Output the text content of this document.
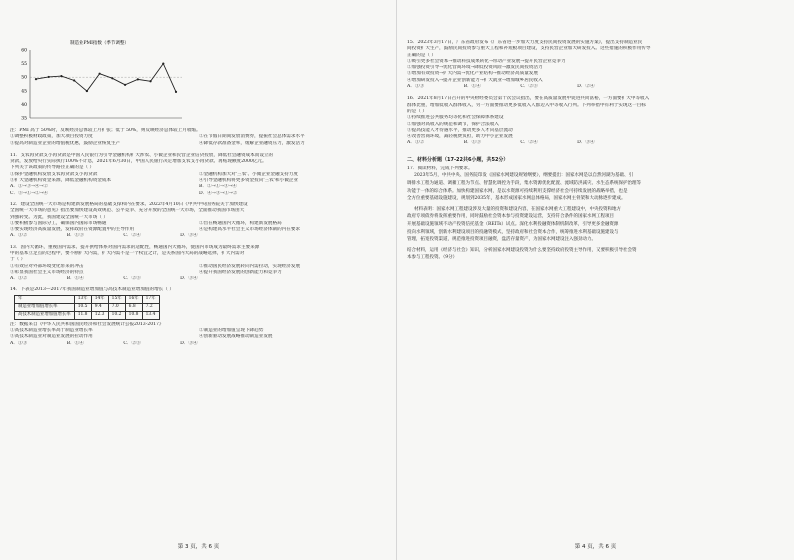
制造业PMI指数（季节调整）
60
55
50
45
40
35
注：PMI 高于 50%时，反映经济总体较上月扩张；低于 50%，则反映经济总体较上月收缩。
①调整积极财政政策，加大项目投资力度	②在节假日期间发放消费券，提振社会总体需求水平
③提高对制造业企业的增值税优惠，鼓励企业恢复生产	④降低存款准备金率，缓解企业融资压力，激发活力
11．支农再贷款支小再贷款是中国人民银行为引导金融机构扩大涉农、小微企业和民营企业信贷投放，降低社会融资成本而设立的
贷款，发放给央行实际执行100%不计息，2021年6月30日，中国人民银行决定增加支农支小再贷款、再贴现额度2000亿元。
下列关于该政策的传导路径正确的是（ ）
①保护金融机构发放支农再贷款支小再贷款	②金融机构加大对'三农'、小微企业金融支持力度
③扩大金融机构资金来源，降低金融机构资金成本	④引导金融机构将更多资金投向'三农'和小微企业
A．①→③→④→②	B．②→①→③→④
C．③→①→②→④	D．④→③→①→②
12．建设全国统一大市场是构建新发展格局的基础支撑和内在要求。2022年4月10日《中共中央国务院关于加快建设
全国统一大市场的意见》指出要加快建设高效规范、公平竞争、充分开放的全国统一大市场，全面推动我国市场由大
到强转变。为此，我国建设全国统一大市场（ ）
①要积极参与国际分工，确保国内国际市场畅通	②旨在畅通国内大循环，构建新发展格局
③要实现经济高质量发展，发挥政府在资源配置中的主导作用	④是构建高水平社会主义市场经济体制的内在要求
A．①②	B．①③	C．②④	D．③④
13．因内大循环，重视国内需求、提升供给体系对国内需求的适配性，畅通国内大循环，使国内市场成为最终需求主要来源
中的基本立足点的过程中，要不断扩大内需，扩大内需不是一个权宜之计，是关系国内大局的战略选择，扩大内需对
于（ ）
①有效应对外部环境变化带来的冲击	②推动国民经济发展转向内需拉动，实现经济发展
③彰显我国社会主义市场经济的特点	④提升我国经济发展的创新能力和竞争力
A．①②	B．①④	C．②③	D．③④
14．下表是2013—2017年我国制造业增加值与高技术制造业增加值的增长（ ）
年	13年	14年	15年	16年	17年
制造业增加值增长率	10.5	9.4	7.0	6.8	7.2
高技术制造业增加值增长率	11.8	12.3	10.2	10.8	13.4
注：数据来自《中华人民共和国国民经济和社会发展统计公报2013-2017》
①高技术制造业增长率高于制造业增长率	②制造业的增加值呈现下降趋势
③高技术制造业对制造业发展的拉动作用	④创新驱动发展战略推动制造业发展
A．①③	B．①④	C．②③	D．③④
第 3 页，共 6 页
15．2023年3月17日，广东省政府发布《广东省进一步加大力度支持民间投资发展的实施方案》，提出支持制造业民
间投资扩大生产，鼓励民间投资参与重大工程和补短板项目建设，支持民营企业加大研发投入。这些措施的积极作用传导
正确的是（ ）
①吸引更多社会资本→推动科技成果转化→带动产业发展→提升民营企业竞争力
②加强投资引导→优化营商环境→降低投资风险→激发民间投资活力
③增加有效投资→扩大内需→优化产业结构→推动经济高质量发展
④增加研发投入→提升企业创新能力→扩大就业→增加城乡居民收入
A．①③	B．①④	C．②③	D．②④
16．2021年8月17日召开的中央财经委员会第十次会议指出，要在高质量发展中促进共同富裕，一方面要扩大中等收入
群体比重，增加低收入群体收入，另一方面要推动更多低收入人群迈入中等收入行列。下列举措中有利于实现这一目标
的是（ ）
①持续推进公共服务均等化和社会保障体系建设
②加强对高收入的规范和调节，保护合法收入
③提高技能人才待遇水平，推动更多人才向基层流动
④改善营商环境，减轻税费负担，助力中小企业发展
A．①②	B．①③	C．②④	D．③④
二、材料分析题（17-22共6小题，共52分）
17．阅读材料，完成下列要求。
2023年5月，中共中央、国务院印发《国家水网建设规划纲要》，纲要提出：国家水网是以自然河湖为基础、引
调排水工程为通道、调蓄工程为节点、智慧化调控为手段，集水资源优化配置、流域防洪减灾、水生态系统保护治理等
功能于一体的综合体系。加快构建国家水网，是以水资源可持续利用支撑经济社会可持续发展的战略举措，也是
全方位重要基础设施建设，规划到2035年，基本形成国家水网总体格局，国家水网主骨架和大动脉逐步建成。
材料表明：国家水网工程建设涉及大量的投资和建设内容，在国家水网重大工程建设中，中央投资和地方
政府专项债券将发挥重要作用，同时鼓励社会资本参与投资建设运营，支持符合条件的国家水网工程项目
开展基础设施领域不动产投资信托基金（REITs）试点。深化水利投融资体制机制改革，引导更多金融资源
投向水利领域，创新水利建设项目的投融资模式，坚持政府和社会资本合作，统筹推进水利基础设施建设与
管理，拓宽投资渠道，规范推进投资项目融资，盘活存量资产，为国家水网建设注入强劲动力。
结合材料，运用《经济与社会》知识，分析国家水网建设投资为什么要坚持政府投资主导作用，又要积极引导社会资
本参与工程投资。（9分）
第 4 页，共 6 页
